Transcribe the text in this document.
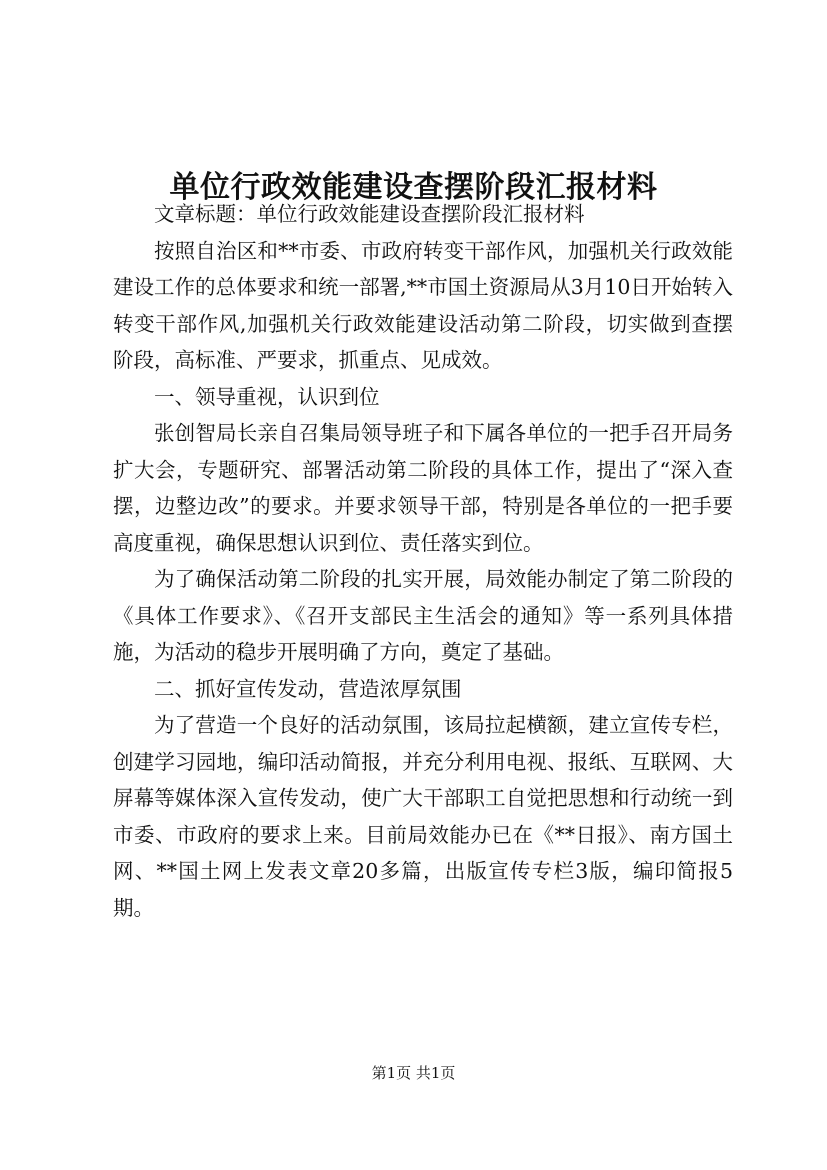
单位行政效能建设查摆阶段汇报材料

文章标题：单位行政效能建设查摆阶段汇报材料

按照自治区和**市委、市政府转变干部作风，加强机关行政效能建设工作的总体要求和统一部署,**市国土资源局从3月10日开始转入转变干部作风,加强机关行政效能建设活动第二阶段，切实做到查摆阶段，高标准、严要求，抓重点、见成效。

一、领导重视，认识到位

张创智局长亲自召集局领导班子和下属各单位的一把手召开局务扩大会，专题研究、部署活动第二阶段的具体工作，提出了“深入查摆，边整边改”的要求。并要求领导干部，特别是各单位的一把手要高度重视，确保思想认识到位、责任落实到位。

为了确保活动第二阶段的扎实开展，局效能办制定了第二阶段的《具体工作要求》、《召开支部民主生活会的通知》等一系列具体措施，为活动的稳步开展明确了方向，奠定了基础。

二、抓好宣传发动，营造浓厚氛围

为了营造一个良好的活动氛围，该局拉起横额，建立宣传专栏，创建学习园地，编印活动简报，并充分利用电视、报纸、互联网、大屏幕等媒体深入宣传发动，使广大干部职工自觉把思想和行动统一到市委、市政府的要求上来。目前局效能办已在《**日报》、南方国土网、**国土网上发表文章20多篇，出版宣传专栏3版，编印简报5期。

第1页 共1页
